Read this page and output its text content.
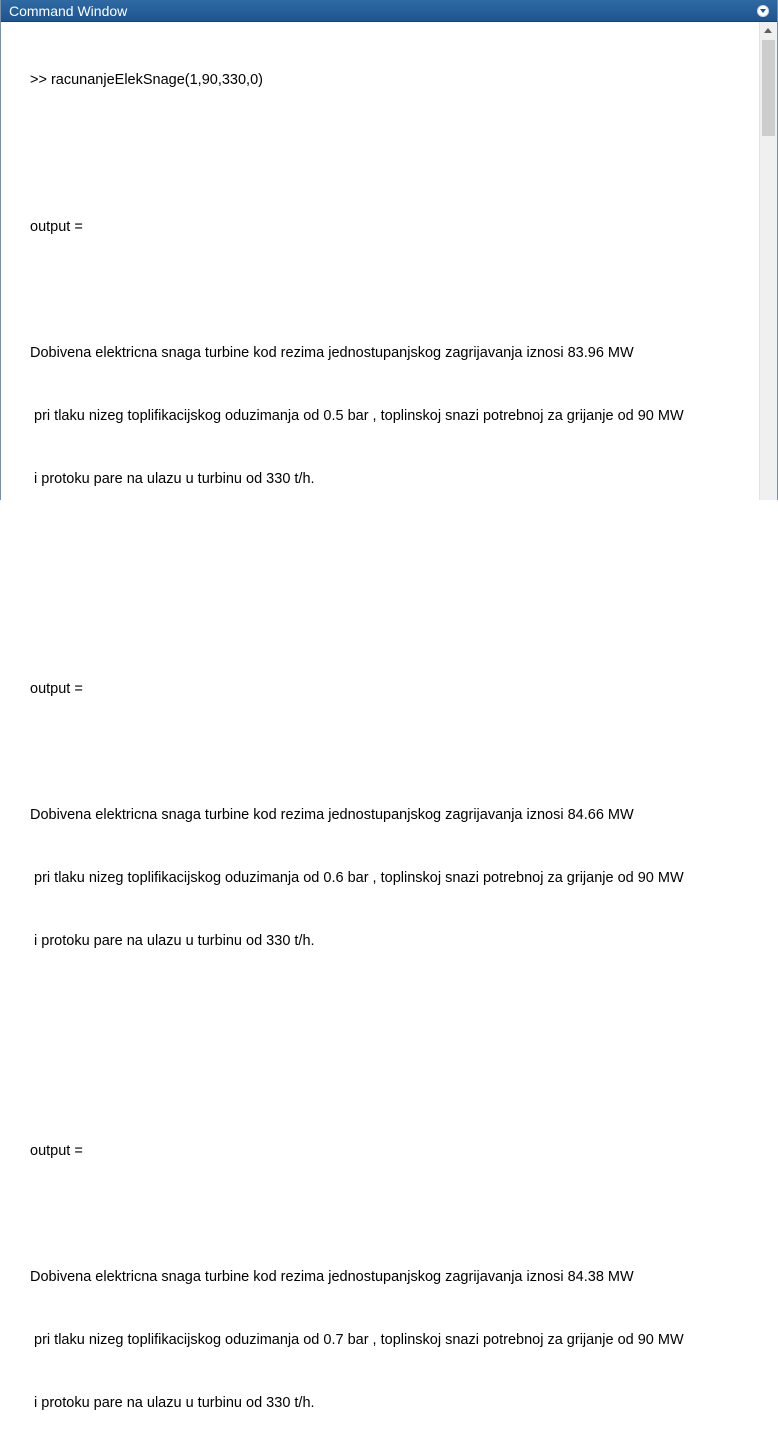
Command Window

>> racunanjeElekSnage(1,90,330,0)

output =

Dobivena elektricna snaga turbine kod rezima jednostupanjskog zagrijavanja iznosi 83.96 MW

pri tlaku nizeg toplifikacijskog oduzimanja od 0.5 bar , toplinskoj snazi potrebnoj za grijanje od 90 MW

i protoku pare na ulazu u turbinu od 330 t/h.

output =

Dobivena elektricna snaga turbine kod rezima jednostupanjskog zagrijavanja iznosi 84.66 MW

pri tlaku nizeg toplifikacijskog oduzimanja od 0.6 bar , toplinskoj snazi potrebnoj za grijanje od 90 MW

i protoku pare na ulazu u turbinu od 330 t/h.

output =

Dobivena elektricna snaga turbine kod rezima jednostupanjskog zagrijavanja iznosi 84.38 MW

pri tlaku nizeg toplifikacijskog oduzimanja od 0.7 bar , toplinskoj snazi potrebnoj za grijanje od 90 MW

i protoku pare na ulazu u turbinu od 330 t/h.
